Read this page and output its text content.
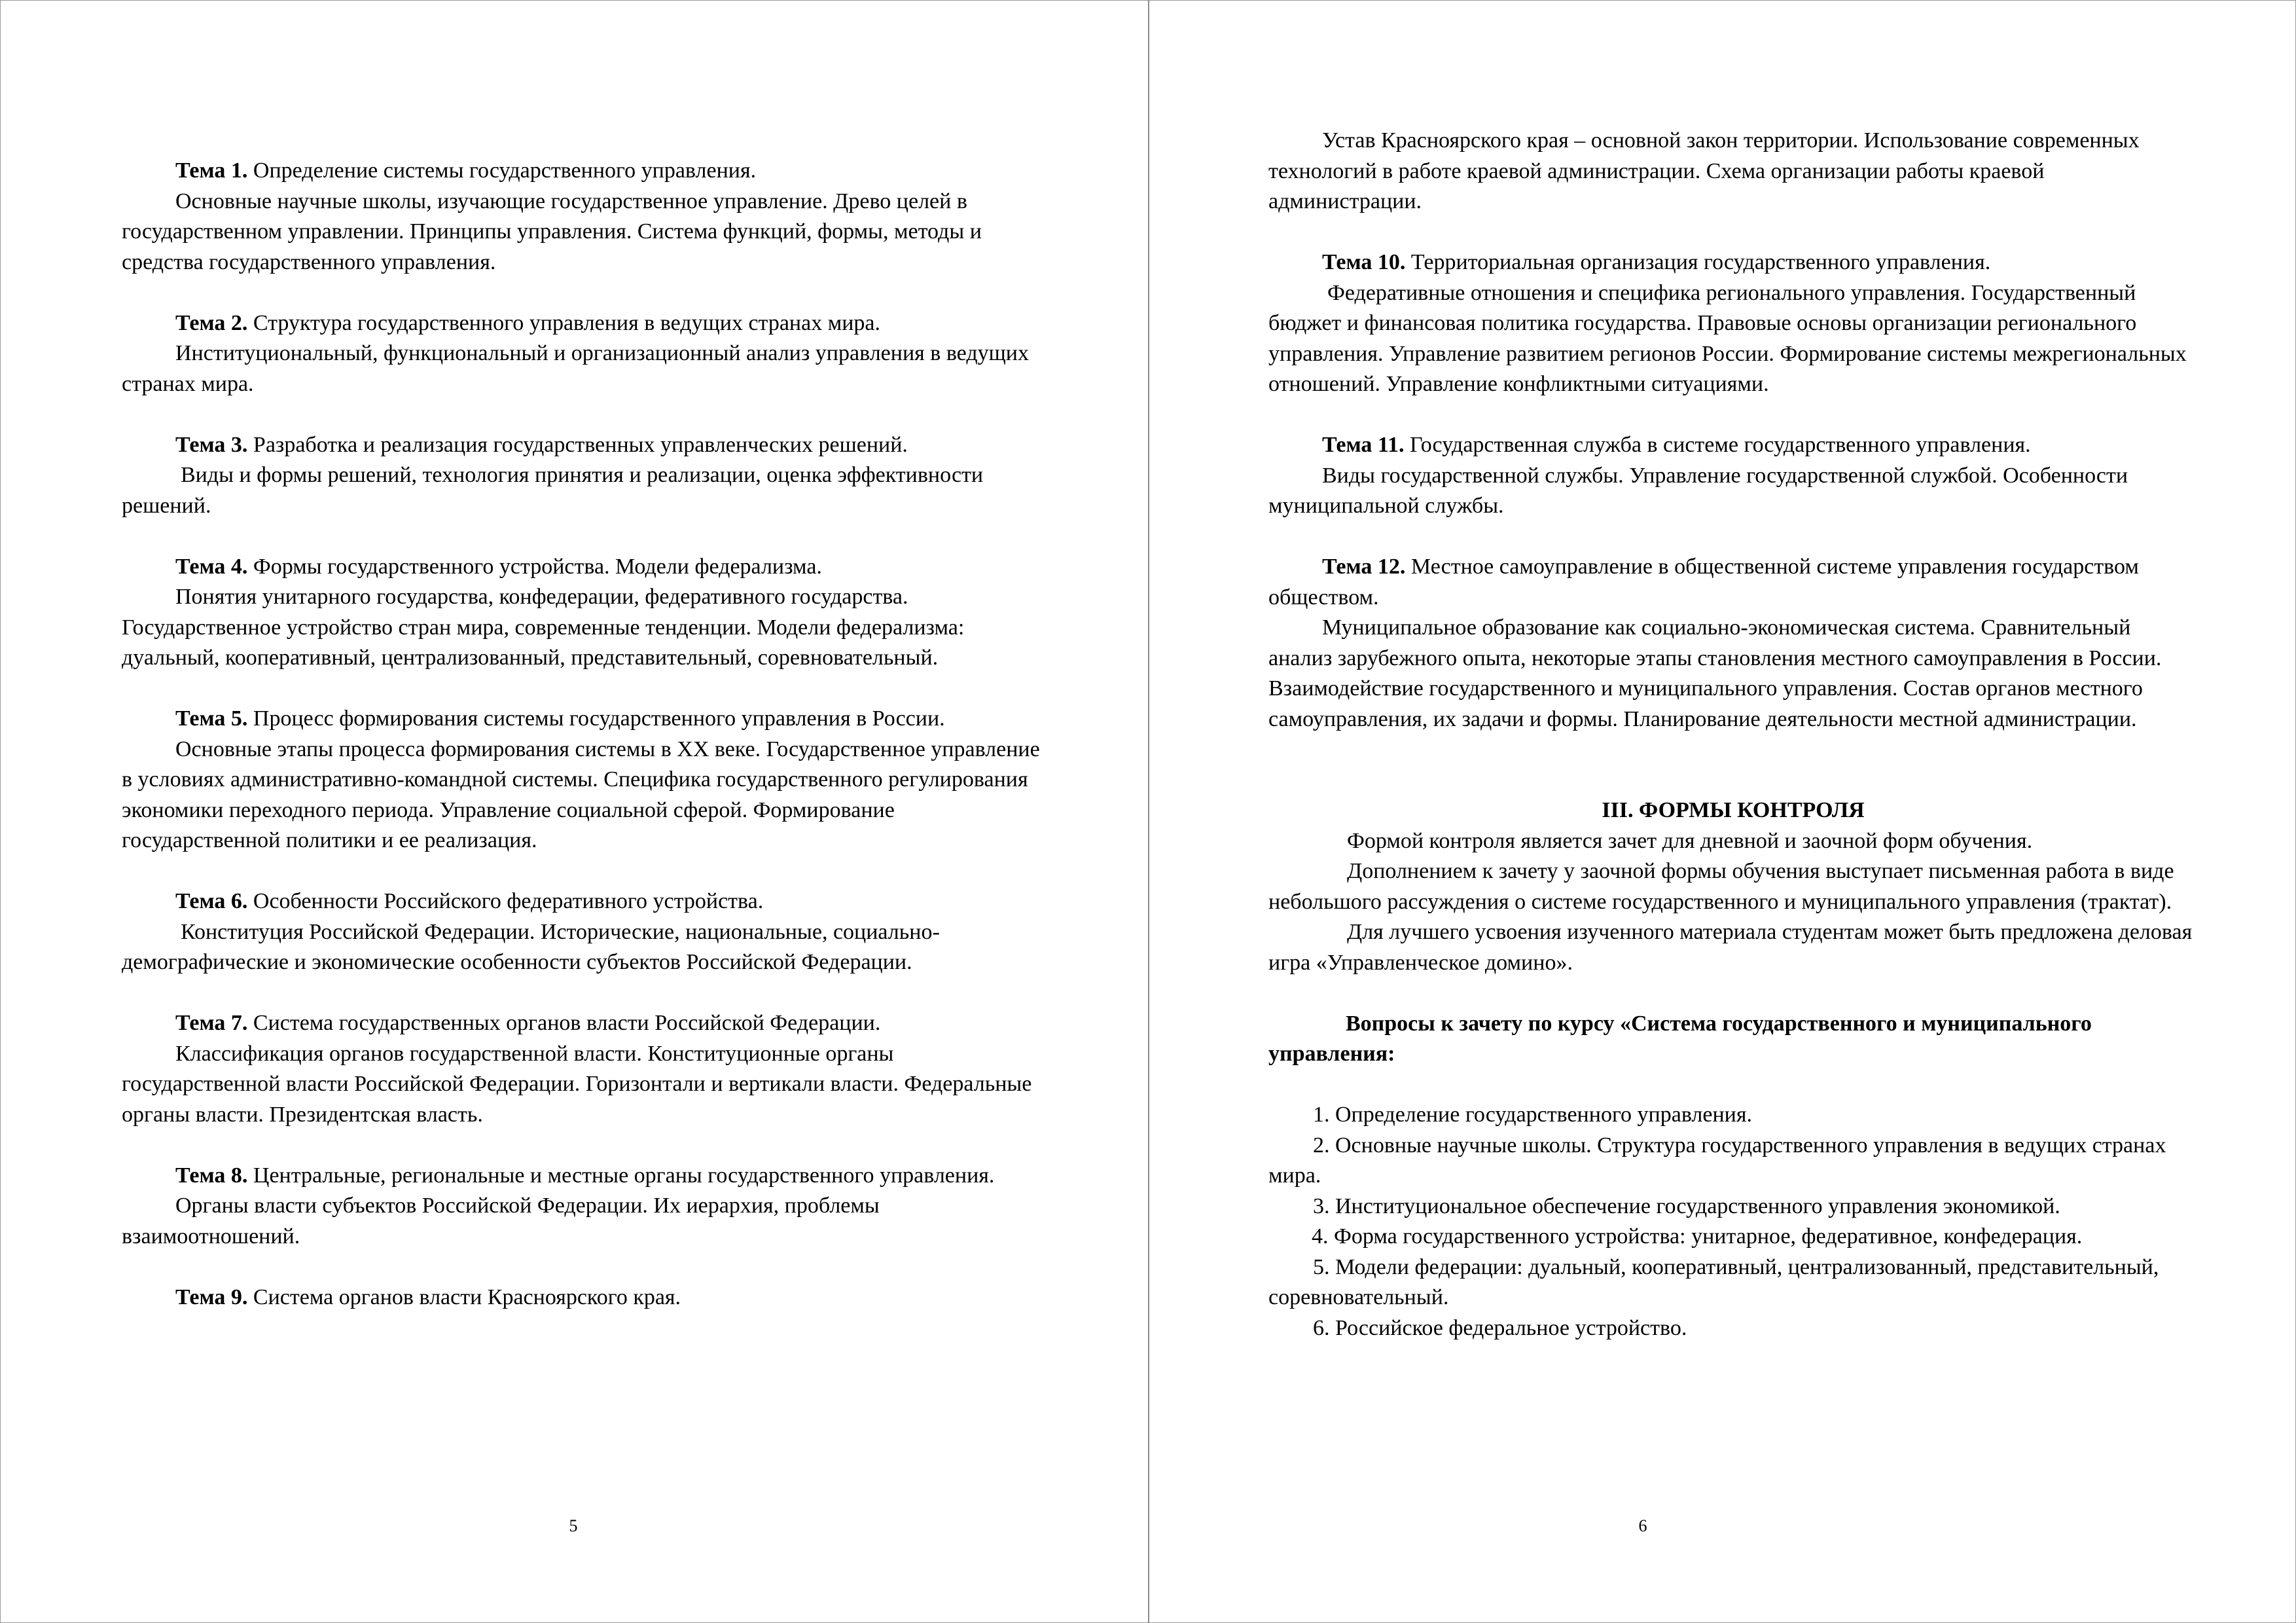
Тема 1. Определение системы государственного управления.

Основные научные школы, изучающие государственное управление. Древо целей в государственном управлении. Принципы управления. Система функций, формы, методы и средства государственного управления.

Тема 2. Структура государственного управления в ведущих странах мира.

Институциональный, функциональный и организационный анализ управления в ведущих странах мира.

Тема 3. Разработка и реализация государственных управленческих решений.

Виды и формы решений, технология принятия и реализации, оценка эффективности решений.

Тема 4. Формы государственного устройства. Модели федерализма.

Понятия унитарного государства, конфедерации, федеративного государства. Государственное устройство стран мира, современные тенденции. Модели федерализма: дуальный, кооперативный, централизованный, представительный, соревновательный.

Тема 5. Процесс формирования системы государственного управления в России.

Основные этапы процесса формирования системы в XX веке. Государственное управление в условиях административно-командной системы. Специфика государственного регулирования экономики переходного периода. Управление социальной сферой. Формирование государственной политики и ее реализация.

Тема 6. Особенности Российского федеративного устройства.

Конституция Российской Федерации. Исторические, национальные, социально-демографические и экономические особенности субъектов Российской Федерации.

Тема 7. Система государственных органов власти Российской Федерации.

Классификация органов государственной власти. Конституционные органы государственной власти Российской Федерации. Горизонтали и вертикали власти. Федеральные органы власти. Президентская власть.

Тема 8. Центральные, региональные и местные органы государственного управления.

Органы власти субъектов Российской Федерации. Их иерархия, проблемы взаимоотношений.

Тема 9. Система органов власти Красноярского края.

5

Устав Красноярского края – основной закон территории. Использование современных технологий в работе краевой администрации. Схема организации работы краевой администрации.

Тема 10. Территориальная организация государственного управления.

Федеративные отношения и специфика регионального управления. Государственный бюджет и финансовая политика государства. Правовые основы организации регионального управления. Управление развитием регионов России. Формирование системы межрегиональных отношений. Управление конфликтными ситуациями.

Тема 11. Государственная служба в системе государственного управления.

Виды государственной службы. Управление государственной службой. Особенности муниципальной службы.

Тема 12. Местное самоуправление в общественной системе управления государством обществом.

Муниципальное образование как социально-экономическая система. Сравнительный анализ зарубежного опыта, некоторые этапы становления местного самоуправления в России. Взаимодействие государственного и муниципального управления. Состав органов местного самоуправления, их задачи и формы. Планирование деятельности местной администрации.

III. ФОРМЫ КОНТРОЛЯ

Формой контроля является зачет для дневной и заочной форм обучения.

Дополнением к зачету у заочной формы обучения выступает письменная работа в виде небольшого рассуждения о системе государственного и муниципального управления (трактат).

Для лучшего усвоения изученного материала студентам может быть предложена деловая игра «Управленческое домино».

Вопросы к зачету по курсу «Система государственного и муниципального управления:

1. Определение государственного управления.
2. Основные научные школы. Структура государственного управления в ведущих странах мира.
3. Институциональное обеспечение государственного управления экономикой.
4. Форма государственного устройства: унитарное, федеративное, конфедерация.
5. Модели федерации: дуальный, кооперативный, централизованный, представительный, соревновательный.
6. Российское федеральное устройство.
6
